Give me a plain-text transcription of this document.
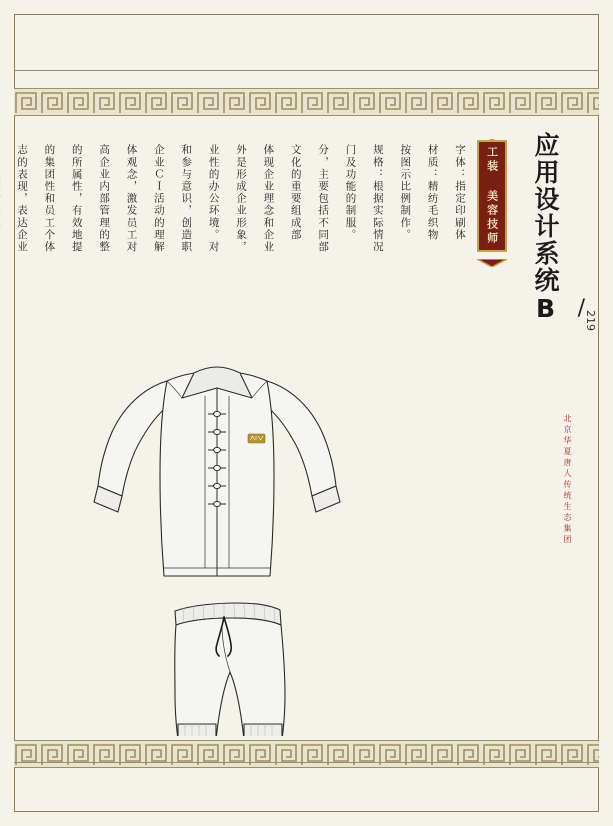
应用设计系统B / 219
工装 美容技师
志的表现，表达企业	的集团性和员工个体	的所属性，有效地提	高企业内部管理的整	体观念，激发员工对	企业ＣＩ活动的理解	和参与意识，创造职	业性的办公环境。对	外是形成企业形象，	体现企业理念和企业	文化的重要组成部	分，主要包括不同部	门及功能的制服。	规格：根据实际情况	按图示比例制作。	材质：精纺毛织物	字体：指定印刷体
北京华夏唐人传统生态集团
